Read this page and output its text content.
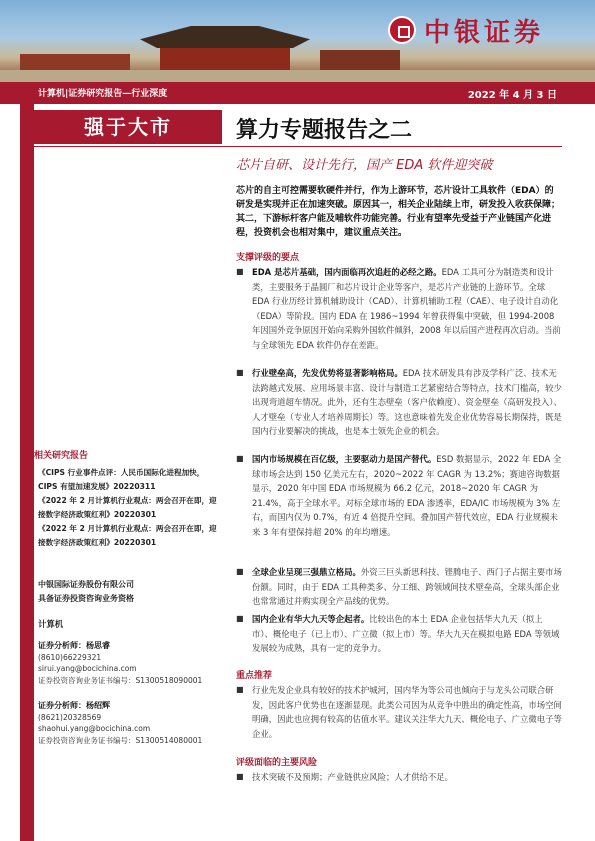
中银证券
计算机|证券研究报告—行业深度	2022 年 4 月 3 日
强于大市	算力专题报告之二
芯片自研、设计先行，国产 EDA 软件迎突破
芯片的自主可控需要软硬件并行，作为上游环节，芯片设计工具软件（EDA）的研发是实现并正在加速突破。原因其一，相关企业陆续上市，研发投入收获保障；其二，下游标杆客户能及哺软件功能完善。行业有望率先受益于产业链国产化进程，投资机会也相对集中，建议重点关注。
支撑评级的要点
■ EDA 是芯片基础，国内面临再次追赶的必经之路。EDA 工具可分为制造类和设计类，主要服务于晶圆厂和芯片设计企业等客户，是芯片产业链的上游环节。全球 EDA 行业历经计算机辅助设计（CAD）、计算机辅助工程（CAE）、电子设计自动化（EDA）等阶段。国内 EDA 在 1986~1994 年曾获得集中突破，但 1994-2008 年因国外竞争原因开始向采购外国软件倾斜，2008 年以后国产进程再次启动。当前与全球领先 EDA 软件仍存在差距。
■ 行业壁垒高，先发优势将显著影响格局。EDA 技术研发具有涉及学科广泛、技术无法跨越式发展、应用场景丰富、设计与制造工艺紧密结合等特点，技术门槛高，较少出现弯道超车情况。此外，还有生态壁垒（客户依赖度）、资金壁垒（高研发投入）、人才壁垒（专业人才培养周期长）等。这也意味着先发企业优势容易长期保持，既是国内行业要解决的挑战，也是本土领先企业的机会。
■ 国内市场规模在百亿级，主要驱动力是国产替代。ESD 数据显示，2022 年 EDA 全球市场会达到 150 亿美元左右，2020~2022 年 CAGR 为 13.2%；赛迪咨询数据显示，2020 年中国 EDA 市场规模为 66.2 亿元，2018~2020 年 CAGR 为 21.4%，高于全球水平。对标全球市场的 EDA 渗透率，EDA/IC 市场规模为 3% 左右，而国内仅为 0.7%，有近 4 倍提升空间。叠加国产替代效应，EDA 行业规模未来 3 年有望保持超 20% 的年均增速。
■ 全球企业呈现三强鼎立格局。外资三巨头新思科技、铿腾电子、西门子占据主要市场份额。同时，由于 EDA 工具种类多、分工细、跨领域间技术壁垒高，全球头部企业也常常通过并购实现全产品线的优势。
■ 国内企业有华大九天等企起者。比较出色的本土 EDA 企业包括华大九天（拟上市）、概伦电子（已上市）、广立微（拟上市）等。华大九天在模拟电路 EDA 等领域发展较为成熟，具有一定的竞争力。
重点推荐
■ 行业先发企业具有较好的技术护城河，国内华为等公司也倾向于与龙头公司联合研发，因此客户优势也在逐渐显现。此类公司因为从竞争中胜出的确定性高，市场空间明确，因此也应拥有较高的估值水平。建议关注华大九天、概伦电子、广立微电子等企业。
评级面临的主要风险
■ 技术突破不及预期；产业链供应风险；人才供给不足。
相关研究报告

《CIPS 行业事件点评：人民币国际化进程加快，CIPS 有望加速发展》20220311

《2022 年 2 月计算机行业观点：两会召开在即，迎接数字经济政策红利》20220301

《2022 年 2 月计算机行业观点：两会召开在即，迎接数字经济政策红利》20220301

中银国际证券股份有限公司
具备证券投资咨询业务资格
计算机
证券分析师：杨思睿
(8610)66229321
sirui.yang@bocichina.com
证券投资咨询业务证书编号：S1300518090001
证券分析师：杨绍辉
(8621)20328569
shaohui.yang@bocichina.com
证券投资咨询业务证书编号：S1300514080001
